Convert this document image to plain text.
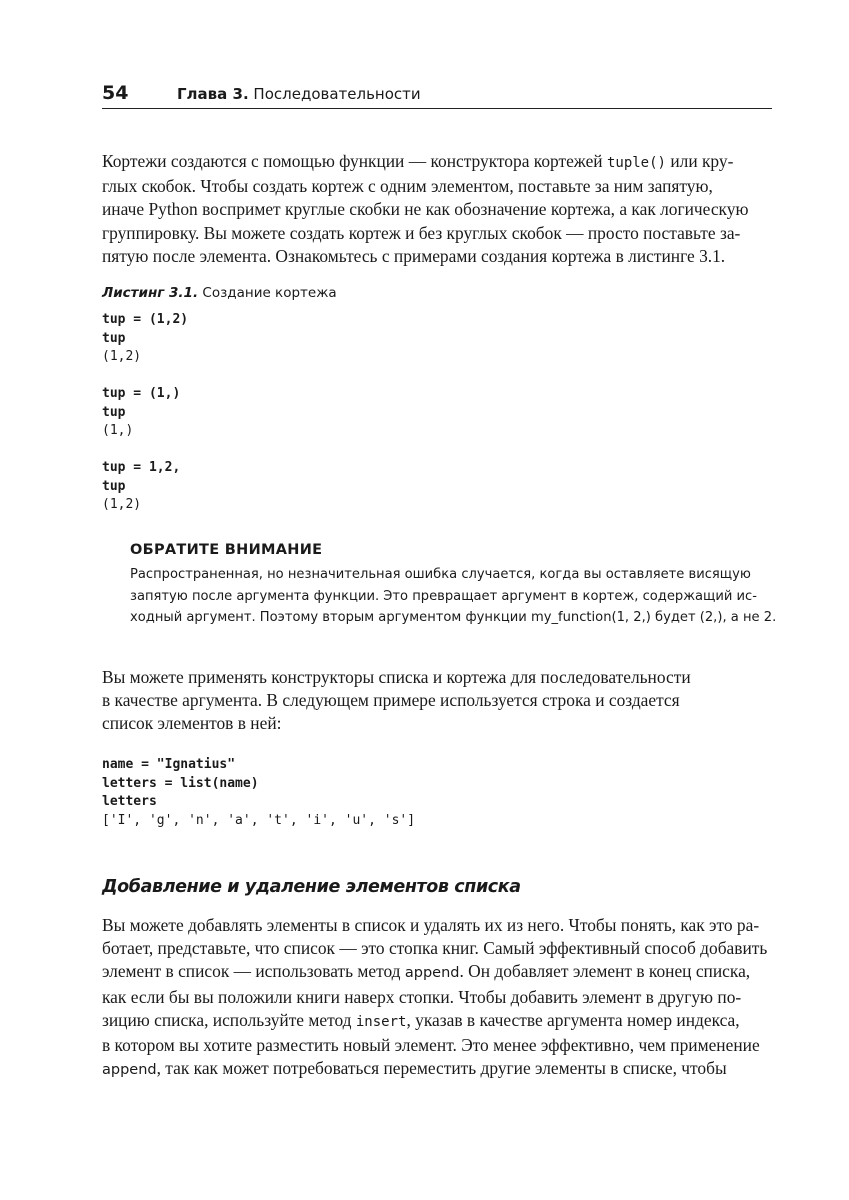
54	Глава 3. Последовательности
Кортежи создаются с помощью функции — конструктора кортежей tuple() или кру-
глых скобок. Чтобы создать кортеж с одним элементом, поставьте за ним запятую,
иначе Python воспримет круглые скобки не как обозначение кортежа, а как логическую
группировку. Вы можете создать кортеж и без круглых скобок — просто поставьте за-
пятую после элемента. Ознакомьтесь с примерами создания кортежа в листинге 3.1.
Листинг 3.1. Создание кортежа
tup = (1,2)
tup
(1,2)
tup = (1,)
tup
(1,)
tup = 1,2,
tup
(1,2)
ОБРАТИТЕ ВНИМАНИЕ
Распространенная, но незначительная ошибка случается, когда вы оставляете висящую
запятую после аргумента функции. Это превращает аргумент в кортеж, содержащий ис-
ходный аргумент. Поэтому вторым аргументом функции my_function(1, 2,) будет (2,), а не 2.
Вы можете применять конструкторы списка и кортежа для последовательности
в качестве аргумента. В следующем примере используется строка и создается
список элементов в ней:
name = "Ignatius"
letters = list(name)
letters
['I', 'g', 'n', 'a', 't', 'i', 'u', 's']
Добавление и удаление элементов списка
Вы можете добавлять элементы в список и удалять их из него. Чтобы понять, как это ра-
ботает, представьте, что список — это стопка книг. Самый эффективный способ добавить
элемент в список — использовать метод append. Он добавляет элемент в конец списка,
как если бы вы положили книги наверх стопки. Чтобы добавить элемент в другую по-
зицию списка, используйте метод insert, указав в качестве аргумента номер индекса,
в котором вы хотите разместить новый элемент. Это менее эффективно, чем применение
append, так как может потребоваться переместить другие элементы в списке, чтобы
